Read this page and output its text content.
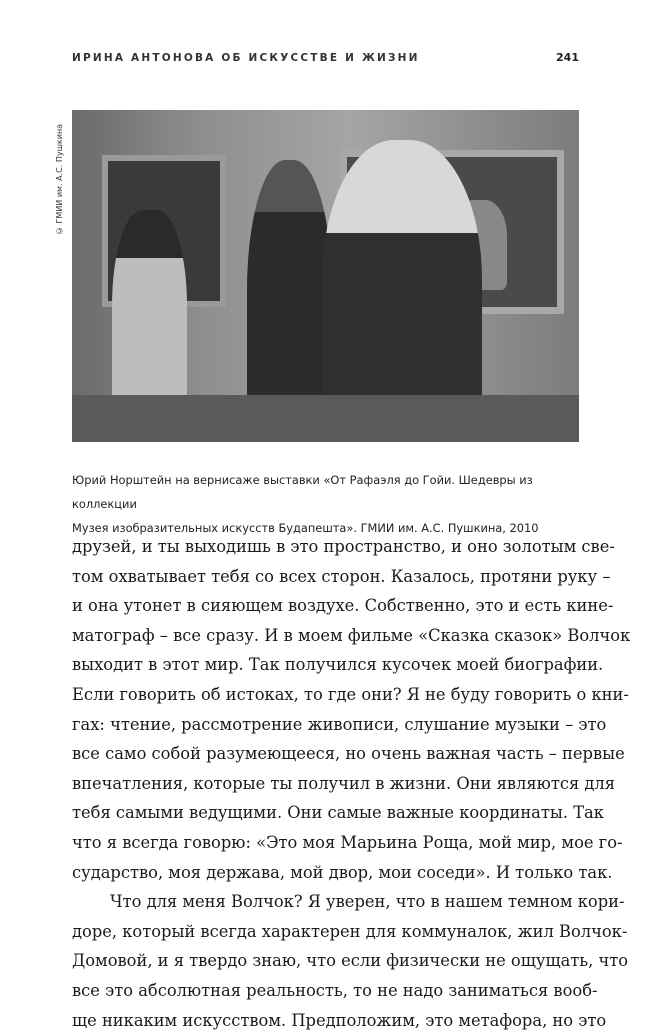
ИРИНА АНТОНОВА ОБ ИСКУССТВЕ И ЖИЗНИ	241
© ГМИИ им. А.С. Пушкина
Юрий Норштейн на вернисаже выставки «От Рафаэля до Гойи. Шедевры из коллекции
Музея изобразительных искусств Будапешта». ГМИИ им. А.С. Пушкина, 2010
друзей, и ты выходишь в это пространство, и оно золотым све-
том охватывает тебя со всех сторон. Казалось, протяни руку –
и она утонет в сияющем воздухе. Собственно, это и есть кине-
матограф – все сразу. И в моем фильме «Сказка сказок» Волчок
выходит в этот мир. Так получился кусочек моей биографии.
Если говорить об истоках, то где они? Я не буду говорить о кни-
гах: чтение, рассмотрение живописи, слушание музыки – это
все само собой разумеющееся, но очень важная часть – первые
впечатления, которые ты получил в жизни. Они являются для
тебя самыми ведущими. Они самые важные координаты. Так
что я всегда говорю: «Это моя Марьина Роща, мой мир, мое го-
сударство, моя держава, мой двор, мои соседи». И только так.
Что для меня Волчок? Я уверен, что в нашем темном кори-
доре, который всегда характерен для коммуналок, жил Волчок-
Домовой, и я твердо знаю, что если физически не ощущать, что
все это абсолютная реальность, то не надо заниматься вооб-
ще никаким искусством. Предположим, это метафора, но это
